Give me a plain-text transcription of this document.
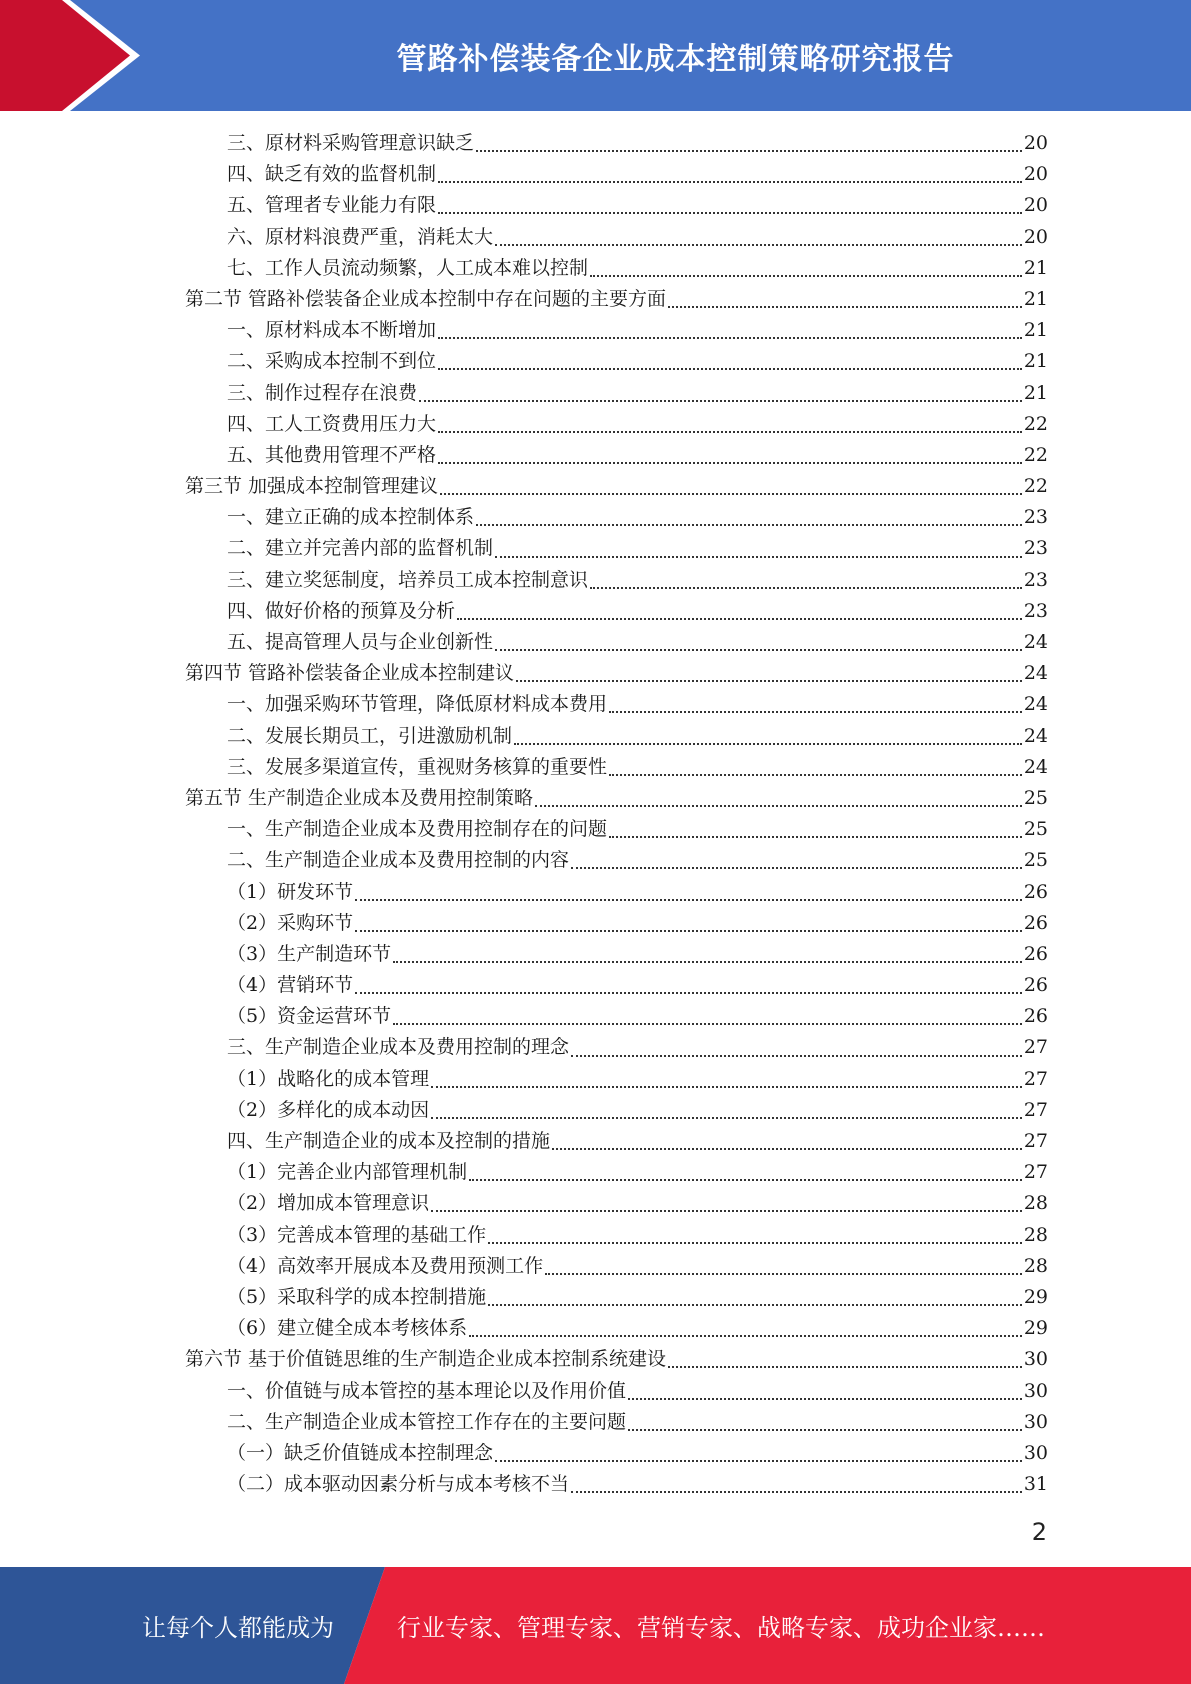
管路补偿装备企业成本控制策略研究报告
三、原材料采购管理意识缺乏	20
四、缺乏有效的监督机制	20
五、管理者专业能力有限	20
六、原材料浪费严重，消耗太大	20
七、工作人员流动频繁，人工成本难以控制	21
第二节 管路补偿装备企业成本控制中存在问题的主要方面	21
一、原材料成本不断增加	21
二、采购成本控制不到位	21
三、制作过程存在浪费	21
四、工人工资费用压力大	22
五、其他费用管理不严格	22
第三节 加强成本控制管理建议	22
一、建立正确的成本控制体系	23
二、建立并完善内部的监督机制	23
三、建立奖惩制度，培养员工成本控制意识	23
四、做好价格的预算及分析	23
五、提高管理人员与企业创新性	24
第四节 管路补偿装备企业成本控制建议	24
一、加强采购环节管理，降低原材料成本费用	24
二、发展长期员工，引进激励机制	24
三、发展多渠道宣传，重视财务核算的重要性	24
第五节 生产制造企业成本及费用控制策略	25
一、生产制造企业成本及费用控制存在的问题	25
二、生产制造企业成本及费用控制的内容	25
（1）研发环节	26
（2）采购环节	26
（3）生产制造环节	26
（4）营销环节	26
（5）资金运营环节	26
三、生产制造企业成本及费用控制的理念	27
（1）战略化的成本管理	27
（2）多样化的成本动因	27
四、生产制造企业的成本及控制的措施	27
（1）完善企业内部管理机制	27
（2）增加成本管理意识	28
（3）完善成本管理的基础工作	28
（4）高效率开展成本及费用预测工作	28
（5）采取科学的成本控制措施	29
（6）建立健全成本考核体系	29
第六节 基于价值链思维的生产制造企业成本控制系统建设	30
一、价值链与成本管控的基本理论以及作用价值	30
二、生产制造企业成本管控工作存在的主要问题	30
（一）缺乏价值链成本控制理念	30
（二）成本驱动因素分析与成本考核不当	31
2
让每个人都能成为	行业专家、管理专家、营销专家、战略专家、成功企业家……
